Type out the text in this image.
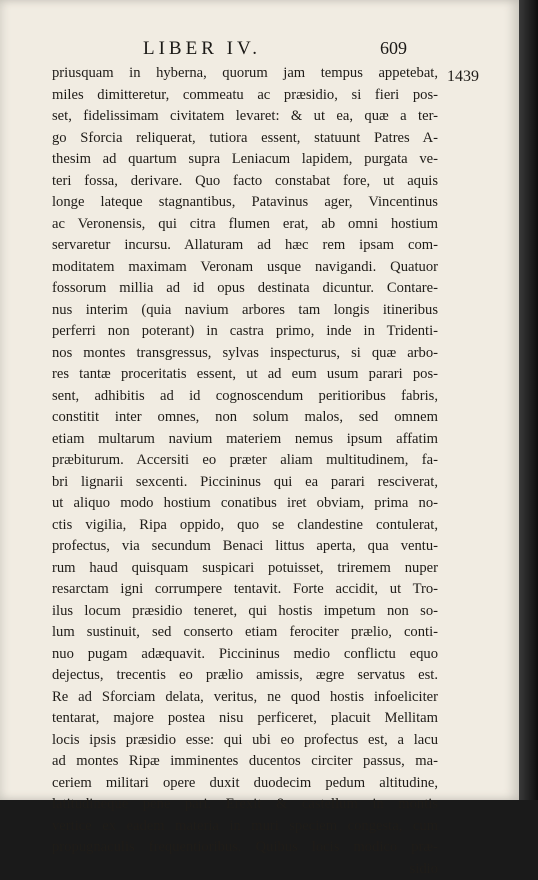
LIBER IV.	609
1439
priusquam in hyberna, quorum jam tempus appetebat,
miles dimitteretur, commeatu ac præsidio, si fieri pos-
set, fidelissimam civitatem levaret: & ut ea, quæ a ter-
go Sforcia reliquerat, tutiora essent, statuunt Patres A-
thesim ad quartum supra Leniacum lapidem, purgata ve-
teri fossa, derivare. Quo facto constabat fore, ut aquis
longe lateque stagnantibus, Patavinus ager, Vincentinus
ac Veronensis, qui citra flumen erat, ab omni hostium
servaretur incursu. Allaturam ad hæc rem ipsam com-
moditatem maximam Veronam usque navigandi. Quatuor
fossorum millia ad id opus destinata dicuntur. Contare-
nus interim (quia navium arbores tam longis itineribus
perferri non poterant) in castra primo, inde in Tridenti-
nos montes transgressus, sylvas inspecturus, si quæ arbo-
res tantæ proceritatis essent, ut ad eum usum parari pos-
sent, adhibitis ad id cognoscendum peritioribus fabris,
constitit inter omnes, non solum malos, sed omnem
etiam multarum navium materiem nemus ipsum affatim
præbiturum. Accersiti eo præter aliam multitudinem, fa-
bri lignarii sexcenti. Piccininus qui ea parari resciverat,
ut aliquo modo hostium conatibus iret obviam, prima no-
ctis vigilia, Ripa oppido, quo se clandestine contulerat,
profectus, via secundum Benaci littus aperta, qua ventu-
rum haud quisquam suspicari potuisset, triremem nuper
resarctam igni corrumpere tentavit. Forte accidit, ut Tro-
ilus locum præsidio teneret, qui hostis impetum non so-
lum sustinuit, sed conserto etiam ferociter prælio, conti-
nuo pugam adæquavit. Piccininus medio conflictu equo
dejectus, trecentis eo prælio amissis, ægre servatus est.
Re ad Sforciam delata, veritus, ne quod hostis infoeliciter
tentarat, majore postea nisu perficeret, placuit Mellitam
locis ipsis præsidio esse: qui ubi eo profectus est, a lacu
ad montes Ripæ imminentes ducentos circiter passus, ma-
ceriem militari opere duxit duodecim pedum altitudine,
latitudineque pene pari. Erexit & castellum in montis
vertice ex eadem materia in muri speciem congesta, cum
propugnaculis frequentioribus. Quibus locis modico præ-
sidio
